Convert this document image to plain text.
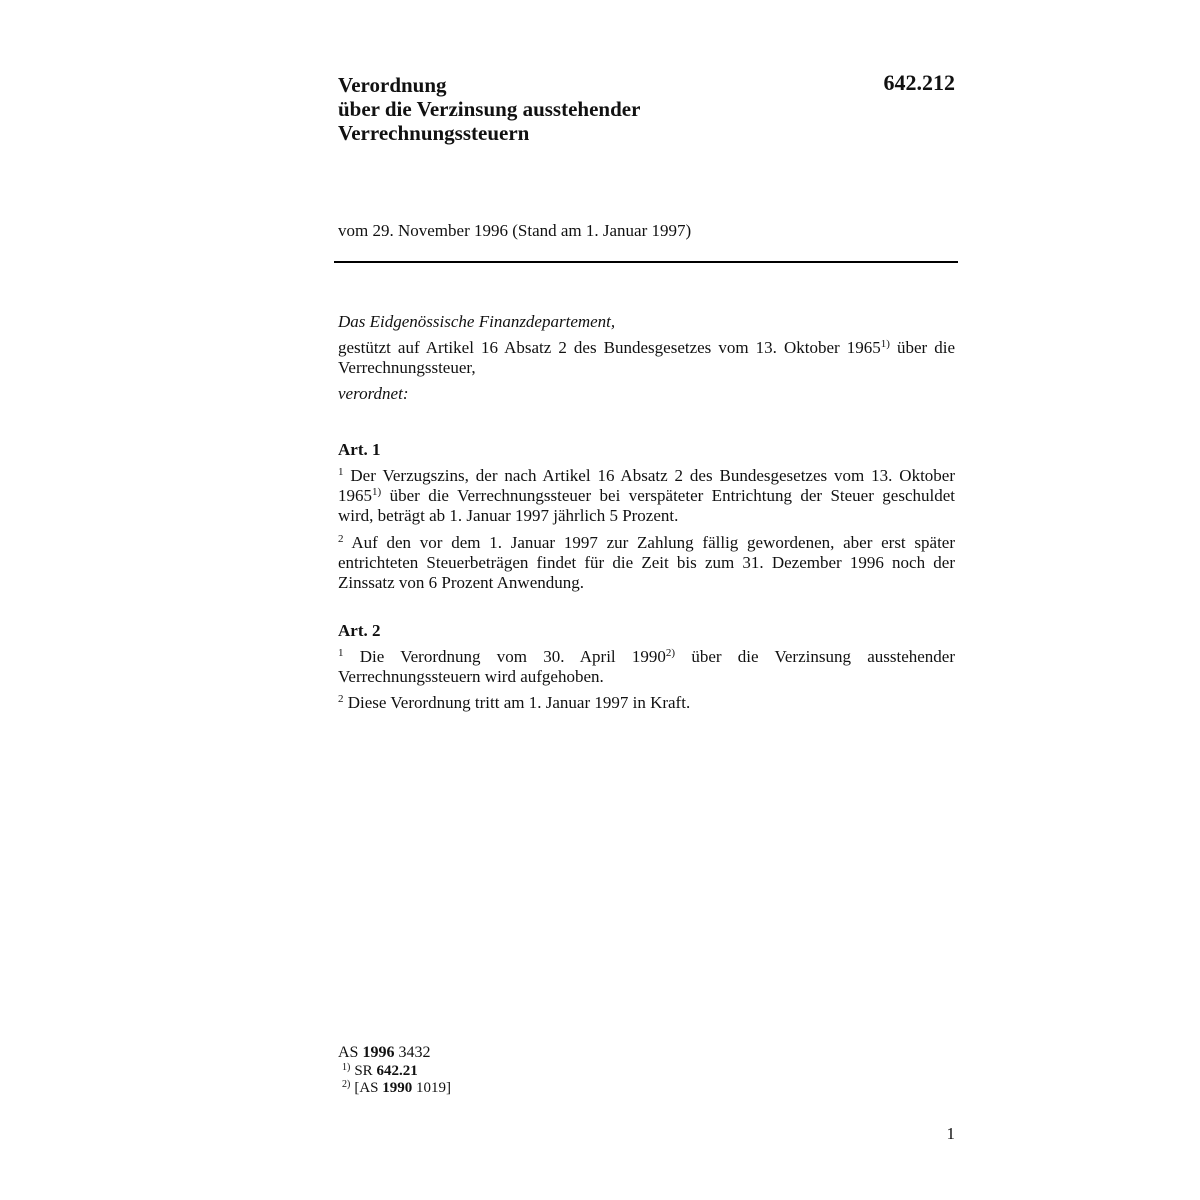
Verordnung
über die Verzinsung ausstehender
Verrechnungssteuern
642.212
vom 29. November 1996 (Stand am 1. Januar 1997)
Das Eidgenössische Finanzdepartement,
gestützt auf Artikel 16 Absatz 2 des Bundesgesetzes vom 13. Oktober 1965$^{1)}$ über die Verrechnungssteuer,
verordnet:
Art. 1
$^1$ Der Verzugszins, der nach Artikel 16 Absatz 2 des Bundesgesetzes vom 13. Oktober 1965$^{1)}$ über die Verrechnungssteuer bei verspäteter Entrichtung der Steuer geschuldet wird, beträgt ab 1. Januar 1997 jährlich 5 Prozent.
$^2$ Auf den vor dem 1. Januar 1997 zur Zahlung fällig gewordenen, aber erst später entrichteten Steuerbeträgen findet für die Zeit bis zum 31. Dezember 1996 noch der Zinssatz von 6 Prozent Anwendung.
Art. 2
$^1$ Die Verordnung vom 30. April 1990$^{2)}$ über die Verzinsung ausstehender Verrechnungssteuern wird aufgehoben.
$^2$ Diese Verordnung tritt am 1. Januar 1997 in Kraft.
AS 1996 3432
$^{1)}$ SR 642.21
$^{2)}$ [AS 1990 1019]
1
